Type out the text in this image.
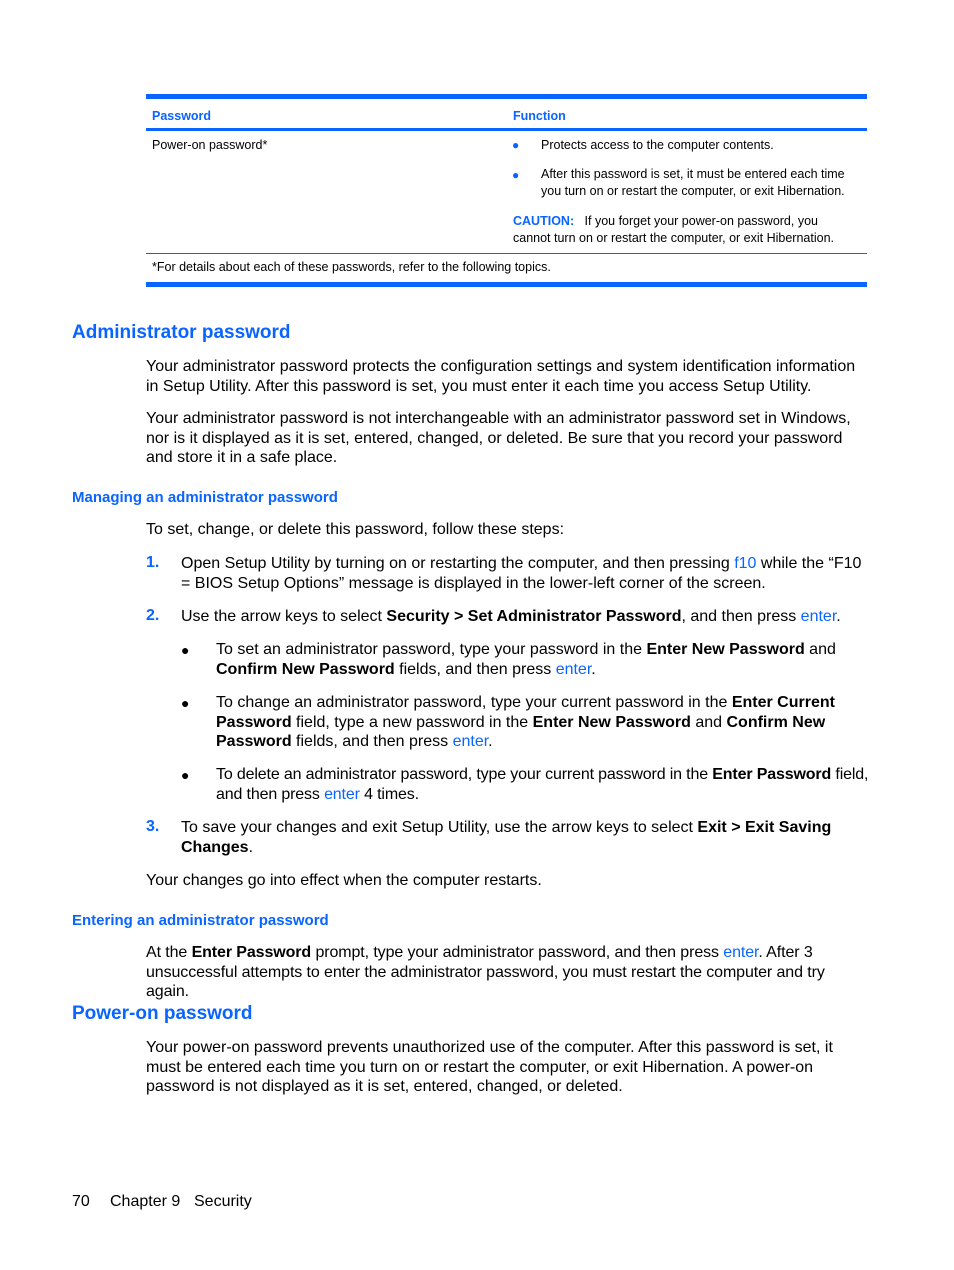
Password	Function
Power-on password*	● Protects access to the computer contents.
● After this password is set, it must be entered each time you turn on or restart the computer, or exit Hibernation.
CAUTION: If you forget your power-on password, you cannot turn on or restart the computer, or exit Hibernation.
*For details about each of these passwords, refer to the following topics.
Administrator password
Your administrator password protects the configuration settings and system identification information in Setup Utility. After this password is set, you must enter it each time you access Setup Utility.
Your administrator password is not interchangeable with an administrator password set in Windows, nor is it displayed as it is set, entered, changed, or deleted. Be sure that you record your password and store it in a safe place.
Managing an administrator password
To set, change, or delete this password, follow these steps:
1. Open Setup Utility by turning on or restarting the computer, and then pressing f10 while the “F10 = BIOS Setup Options” message is displayed in the lower-left corner of the screen.
2. Use the arrow keys to select Security > Set Administrator Password, and then press enter.
● To set an administrator password, type your password in the Enter New Password and Confirm New Password fields, and then press enter.
● To change an administrator password, type your current password in the Enter Current Password field, type a new password in the Enter New Password and Confirm New Password fields, and then press enter.
● To delete an administrator password, type your current password in the Enter Password field, and then press enter 4 times.
3. To save your changes and exit Setup Utility, use the arrow keys to select Exit > Exit Saving Changes.
Your changes go into effect when the computer restarts.
Entering an administrator password
At the Enter Password prompt, type your administrator password, and then press enter. After 3 unsuccessful attempts to enter the administrator password, you must restart the computer and try again.
Power-on password
Your power-on password prevents unauthorized use of the computer. After this password is set, it must be entered each time you turn on or restart the computer, or exit Hibernation. A power-on password is not displayed as it is set, entered, changed, or deleted.
70 Chapter 9 Security
